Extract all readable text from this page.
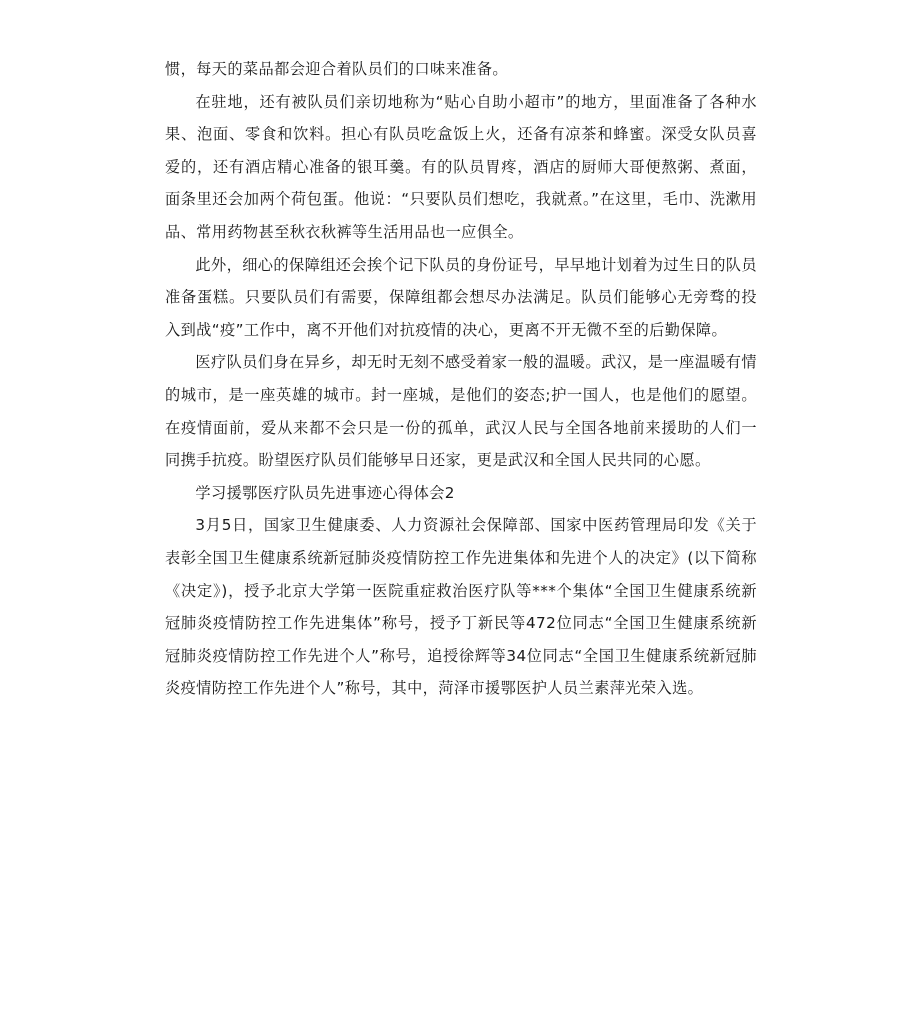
惯，每天的菜品都会迎合着队员们的口味来准备。

在驻地，还有被队员们亲切地称为“贴心自助小超市”的地方，里面准备了各种水果、泡面、零食和饮料。担心有队员吃盒饭上火，还备有凉茶和蜂蜜。深受女队员喜爱的，还有酒店精心准备的银耳羹。有的队员胃疼，酒店的厨师大哥便熬粥、煮面，面条里还会加两个荷包蛋。他说：“只要队员们想吃，我就煮。”在这里，毛巾、洗漱用品、常用药物甚至秋衣秋裤等生活用品也一应俱全。

此外，细心的保障组还会挨个记下队员的身份证号，早早地计划着为过生日的队员准备蛋糕。只要队员们有需要，保障组都会想尽办法满足。队员们能够心无旁骛的投入到战“疫”工作中，离不开他们对抗疫情的决心，更离不开无微不至的后勤保障。

医疗队员们身在异乡，却无时无刻不感受着家一般的温暖。武汉，是一座温暖有情的城市，是一座英雄的城市。封一座城，是他们的姿态;护一国人，也是他们的愿望。在疫情面前，爱从来都不会只是一份的孤单，武汉人民与全国各地前来援助的人们一同携手抗疫。盼望医疗队员们能够早日还家，更是武汉和全国人民共同的心愿。

学习援鄂医疗队员先进事迹心得体会2

3月5日，国家卫生健康委、人力资源社会保障部、国家中医药管理局印发《关于表彰全国卫生健康系统新冠肺炎疫情防控工作先进集体和先进个人的决定》(以下简称《决定》)，授予北京大学第一医院重症救治医疗队等***个集体“全国卫生健康系统新冠肺炎疫情防控工作先进集体”称号，授予丁新民等472位同志“全国卫生健康系统新冠肺炎疫情防控工作先进个人”称号，追授徐辉等34位同志“全国卫生健康系统新冠肺炎疫情防控工作先进个人”称号，其中，菏泽市援鄂医护人员兰素萍光荣入选。
